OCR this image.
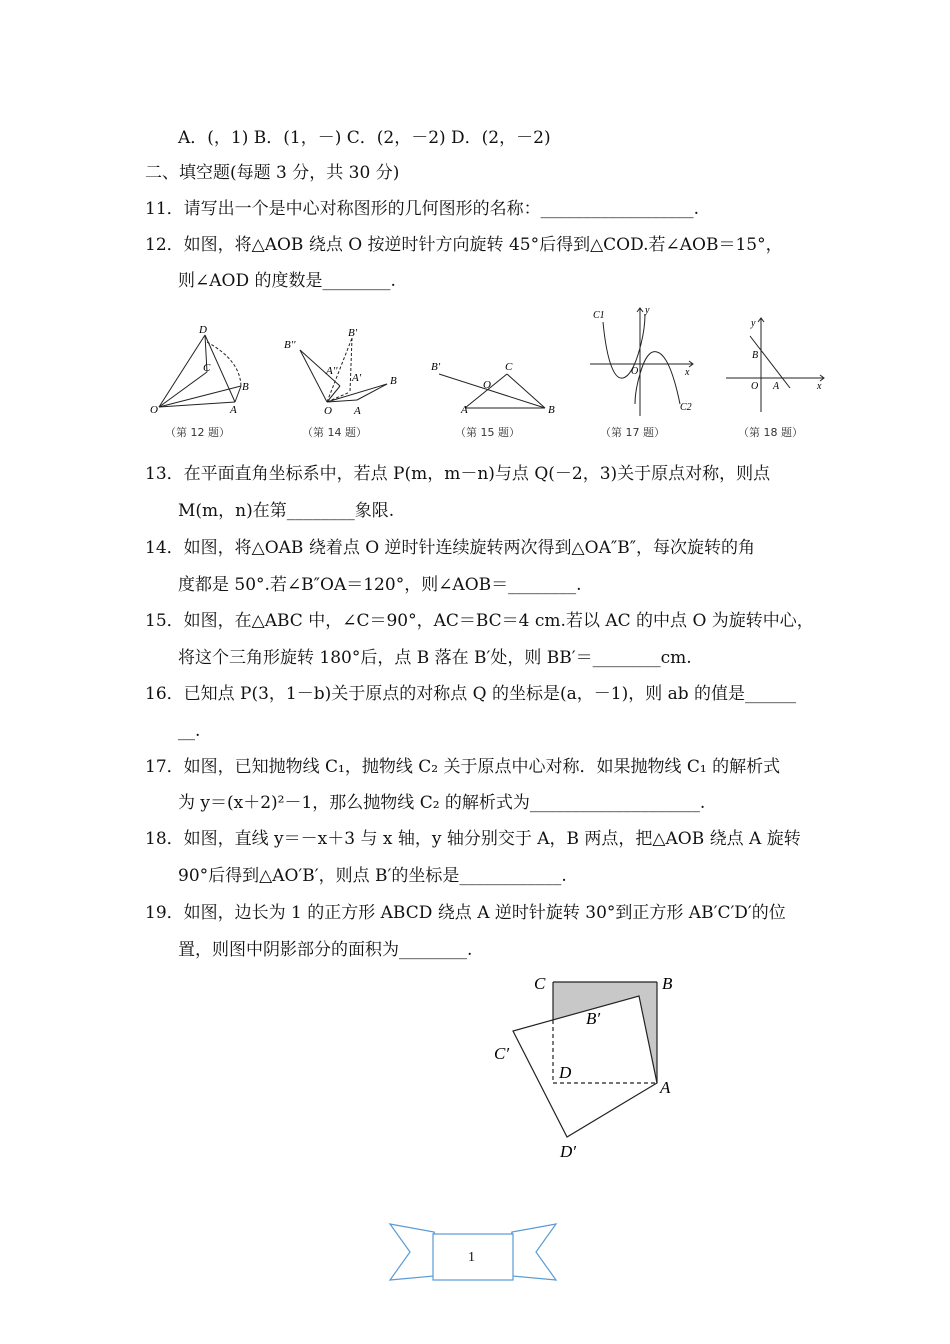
A．(，1) B．(1，－) C．(2，－2) D．(2，－2)
二、填空题(每题 3 分，共 30 分)
11．请写出一个是中心对称图形的几何图形的名称：__________________.
12．如图，将△AOB 绕点 O 按逆时针方向旋转 45°后得到△COD.若∠AOB＝15°，
则∠AOD 的度数是________.
D
C
B
O	A
（第 12 题）
B''
B'
A''
A'	B
O A
（第 14 题）
B'	C
O
A	B
（第 15 题）
C1	y
O	x
C2
（第 17 题）
y
B
O A	x
（第 18 题）
13．在平面直角坐标系中，若点 P(m，m－n)与点 Q(－2，3)关于原点对称，则点
M(m，n)在第________象限.
14．如图，将△OAB 绕着点 O 逆时针连续旋转两次得到△OA″B″，每次旋转的角
度都是 50°.若∠B″OA＝120°，则∠AOB＝________.
15．如图，在△ABC 中，∠C＝90°，AC＝BC＝4 cm.若以 AC 的中点 O 为旋转中心，
将这个三角形旋转 180°后，点 B 落在 B′处，则 BB′＝________cm.
16．已知点 P(3，1－b)关于原点的对称点 Q 的坐标是(a，－1)，则 ab 的值是______
__.
17．如图，已知抛物线 C₁，抛物线 C₂ 关于原点中心对称．如果抛物线 C₁ 的解析式
为 y＝(x＋2)²－1，那么抛物线 C₂ 的解析式为____________________.
18．如图，直线 y＝－x＋3 与 x 轴，y 轴分别交于 A，B 两点，把△AOB 绕点 A 旋转
90°后得到△AO′B′，则点 B′的坐标是____________.
19．如图，边长为 1 的正方形 ABCD 绕点 A 逆时针旋转 30°到正方形 AB′C′D′的位
置，则图中阴影部分的面积为________.
C	B
B′
C′
D
A
D′
1
